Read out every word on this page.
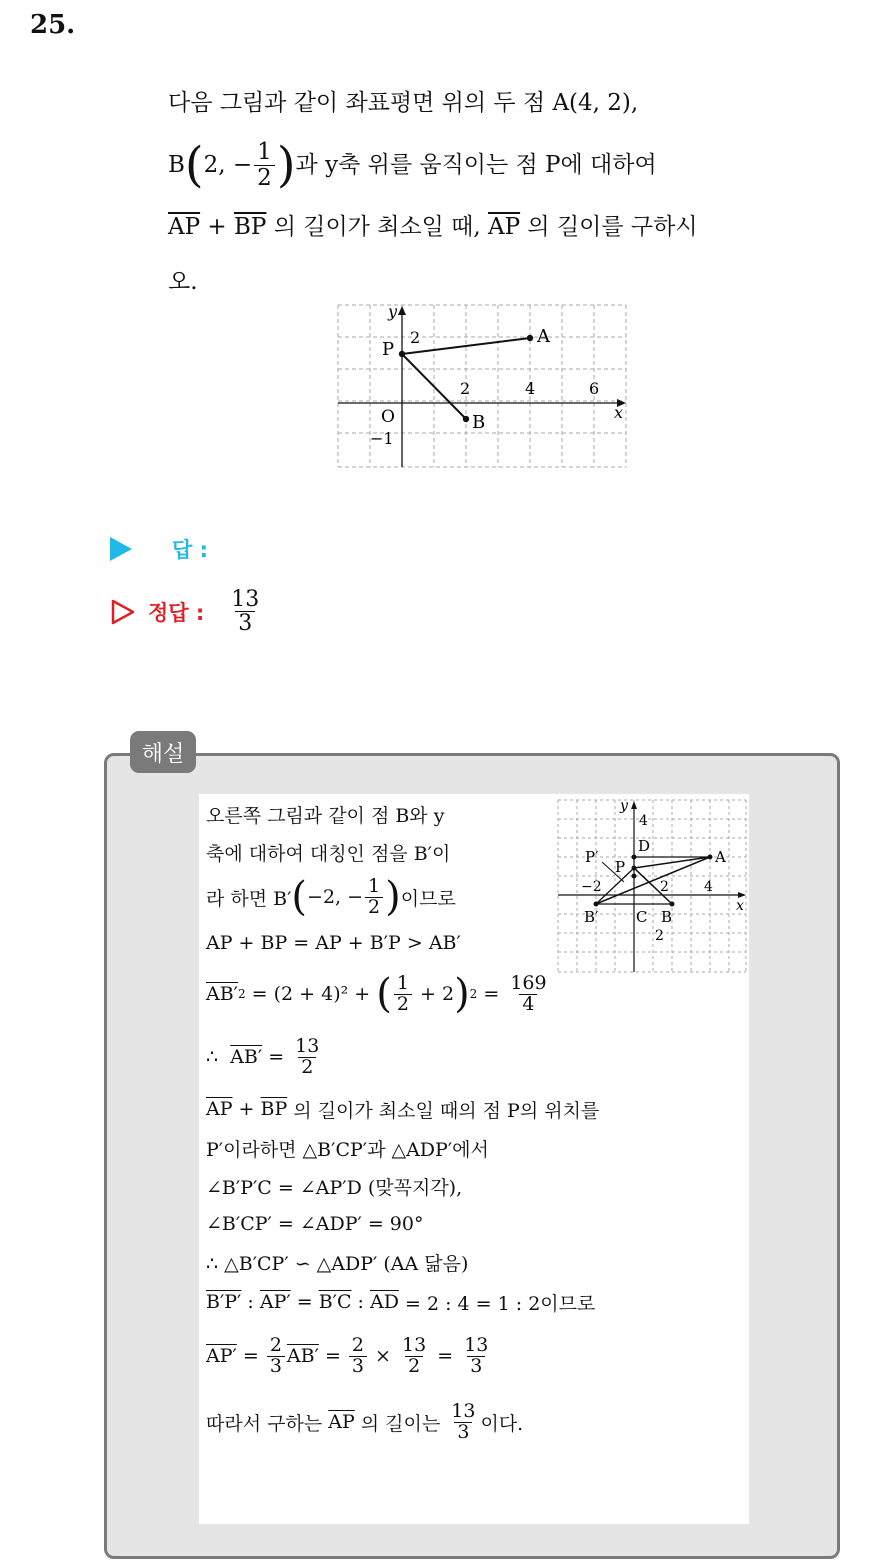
25.
다음 그림과 같이 좌표평면 위의 두 점 A(4, 2),
B ( 2, − $\frac{1}{2}$ ) 과 y축 위를 움직이는 점 P에 대하여
$\overline{AP} + \overline{BP}$ 의 길이가 최소일 때, $\overline{AP}$ 의 길이를 구하시
오.
y
x
2
2	4	6
O
−1
P
A
B
답 :
정답 : $\frac{13}{3}$
해설
오른쪽 그림과 같이 점 B와 y
축에 대하여 대칭인 점을 B′이
라 하면 B′ ( −2, − $\frac{1}{2}$ ) 이므로
AP + BP = AP + B′P > AB′
AB′ 2 = (2 + 4)² + ( $\frac{1}{2} + 2$ ) $2 = \frac{169}{4}$
∴ $AB' = \frac{13}{2}$
$\overline{AP} + \overline{BP}$ 의 길이가 최소일 때의 점 P의 위치를
P′이라하면 △B′CP′과 △ADP′에서
∠B′P′C = ∠AP′D (맞꼭지각),
∠B′CP′ = ∠ADP′ = 90°
∴ △B′CP′ ∽ △ADP′ (AA 닮음)
B′P′ : AP′ = B′C : $\overline{AD} = 2$ : 4 = 1 : 2이므로
$AP' = \frac{2}{3} AB' = \frac{2}{3} \times \frac{13}{2} = \frac{13}{3}$
따라서 구하는 $\overline{AP}$ 의 길이는 $\frac{13}{3}$ 이다.
y
x
4
D
P′
P
A
−2	2	4
B′	C B
2
